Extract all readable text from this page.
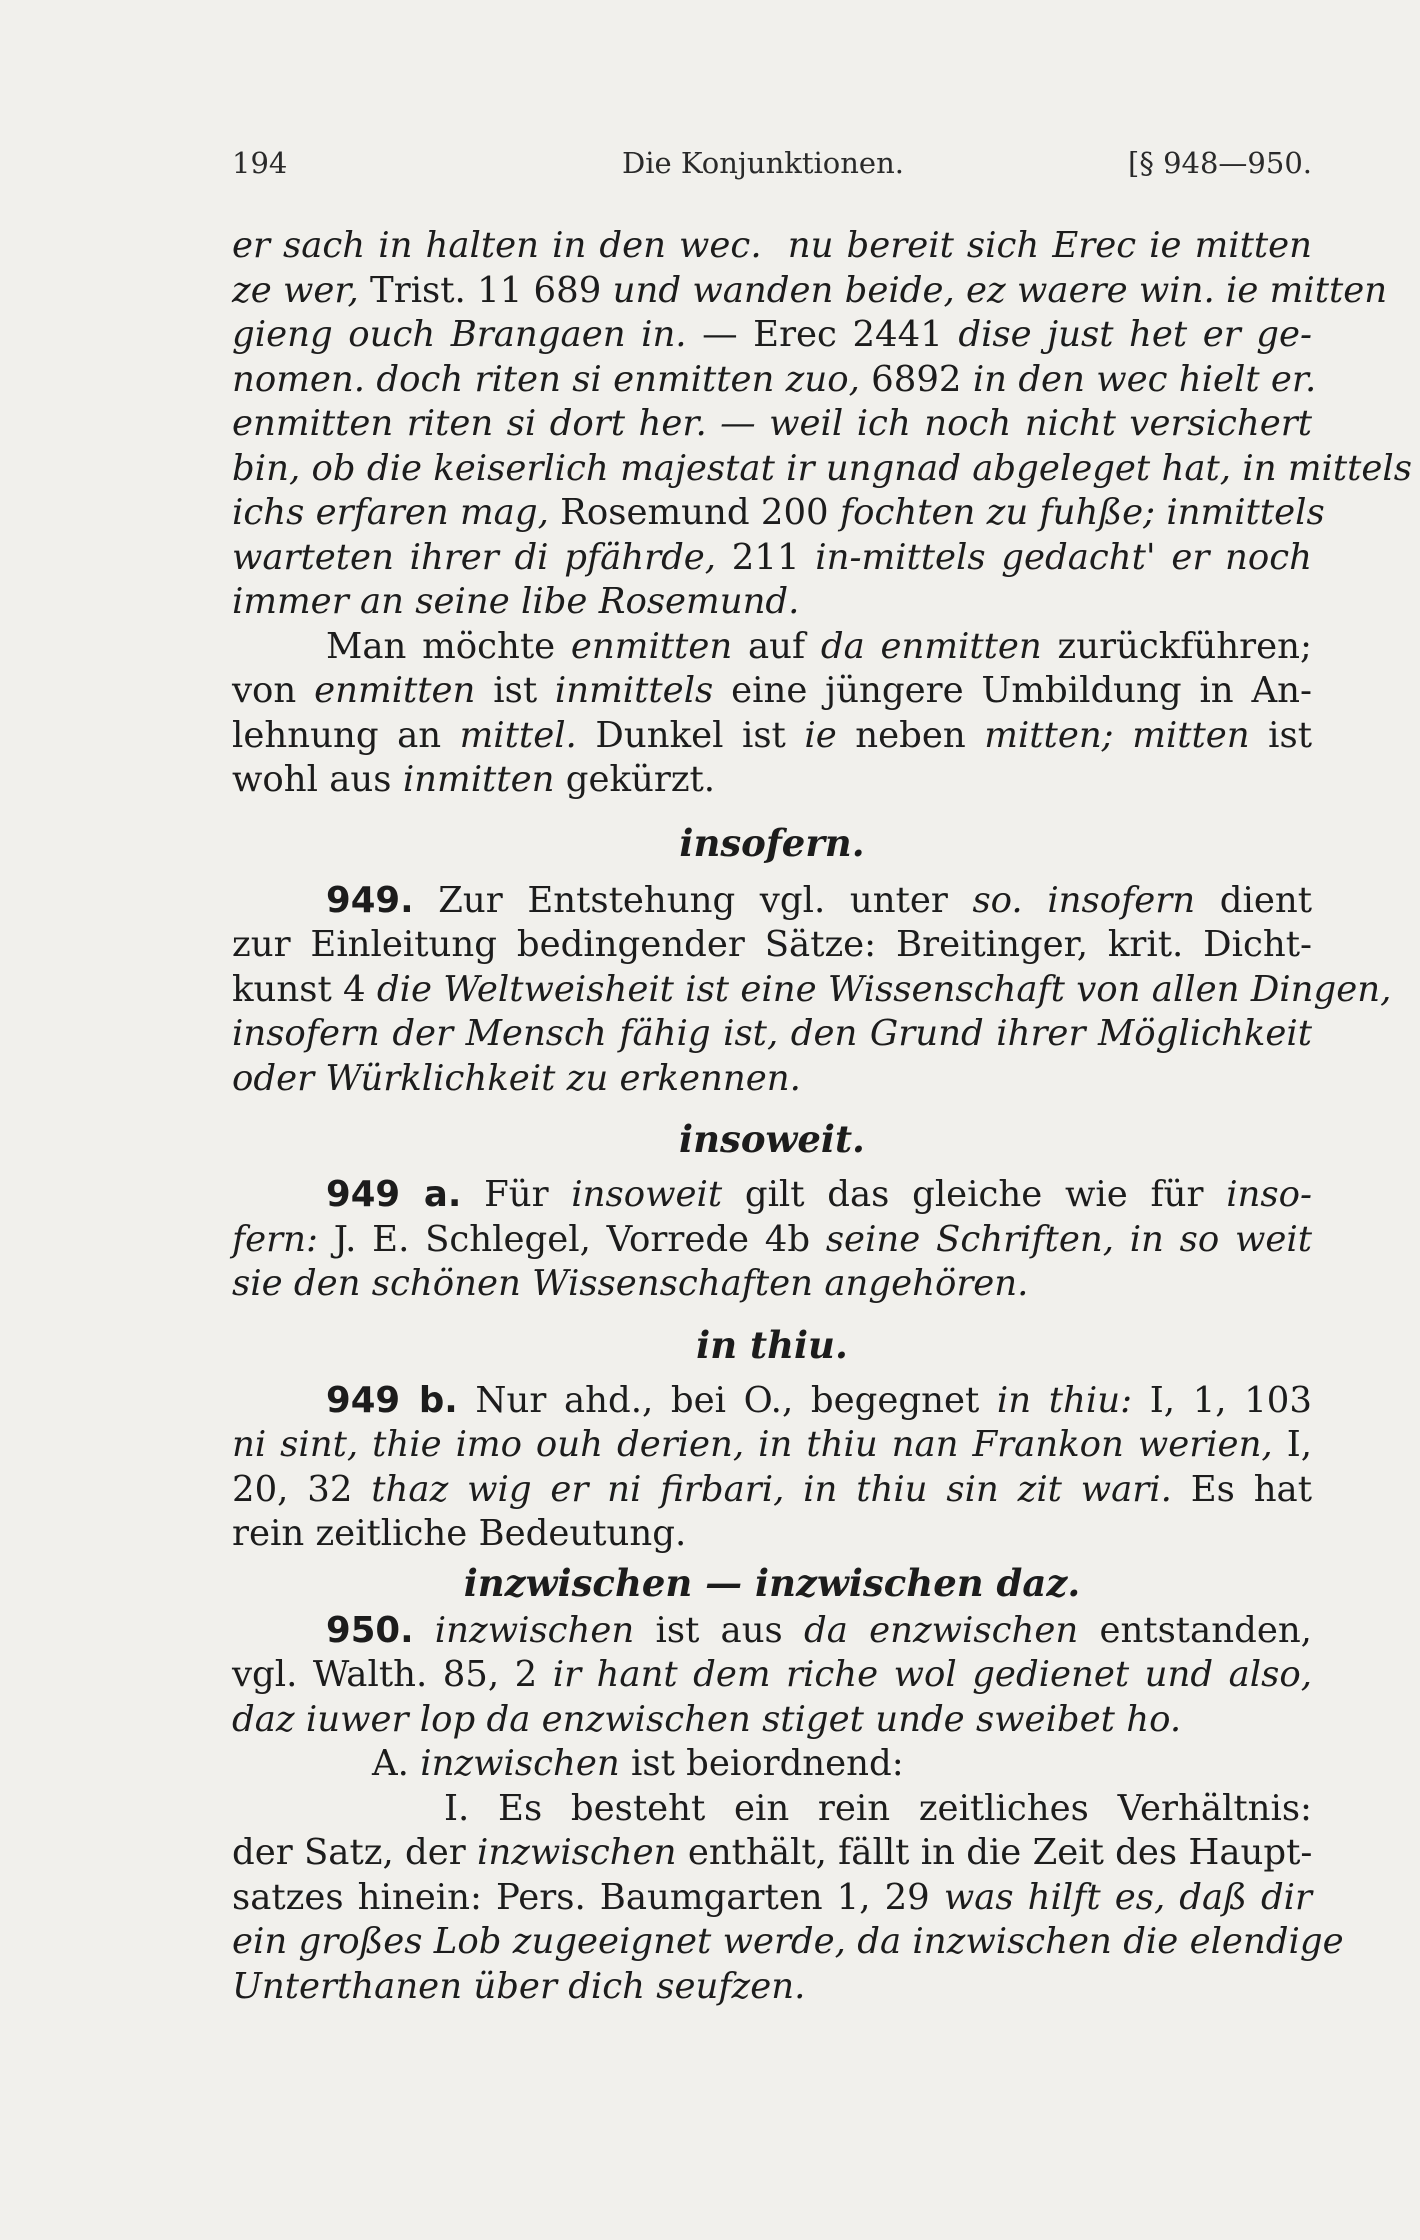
194	Die Konjunktionen.	[§ 948—950.
er sach in halten in den wec. nu bereit sich Erec ie mitten
ze wer, Trist. 11 689 und wanden beide, ez waere win. ie mitten
gieng ouch Brangaen in. — Erec 2441 dise just het er ge-
nomen. doch riten si enmitten zuo, 6892 in den wec hielt er.
enmitten riten si dort her. — weil ich noch nicht versichert
bin, ob die keiserlich majestat ir ungnad abgeleget hat, in mittels
ichs erfaren mag, Rosemund 200 fochten zu fuhße; inmittels
warteten ihrer di pfährde, 211 in-mittels gedacht' er noch
immer an seine libe Rosemund.
Man möchte enmitten auf da enmitten zurückführen;
von enmitten ist inmittels eine jüngere Umbildung in An-
lehnung an mittel. Dunkel ist ie neben mitten; mitten ist
wohl aus inmitten gekürzt.
insofern.
949. Zur Entstehung vgl. unter so. insofern dient
zur Einleitung bedingender Sätze: Breitinger, krit. Dicht-
kunst 4 die Weltweisheit ist eine Wissenschaft von allen Dingen,
insofern der Mensch fähig ist, den Grund ihrer Möglichkeit
oder Würklichkeit zu erkennen.
insoweit.
949 a. Für insoweit gilt das gleiche wie für inso-
fern: J. E. Schlegel, Vorrede 4b seine Schriften, in so weit
sie den schönen Wissenschaften angehören.
in thiu.
949 b. Nur ahd., bei O., begegnet in thiu: I, 1, 103
ni sint, thie imo ouh derien, in thiu nan Frankon werien, I,
20, 32 thaz wig er ni firbari, in thiu sin zit wari. Es hat
rein zeitliche Bedeutung.
inzwischen — inzwischen daz.
950. inzwischen ist aus da enzwischen entstanden,
vgl. Walth. 85, 2 ir hant dem riche wol gedienet und also,
daz iuwer lop da enzwischen stiget unde sweibet ho.
A. inzwischen ist beiordnend:
I. Es besteht ein rein zeitliches Verhältnis:
der Satz, der inzwischen enthält, fällt in die Zeit des Haupt-
satzes hinein: Pers. Baumgarten 1, 29 was hilft es, daß dir
ein großes Lob zugeeignet werde, da inzwischen die elendige
Unterthanen über dich seufzen.
